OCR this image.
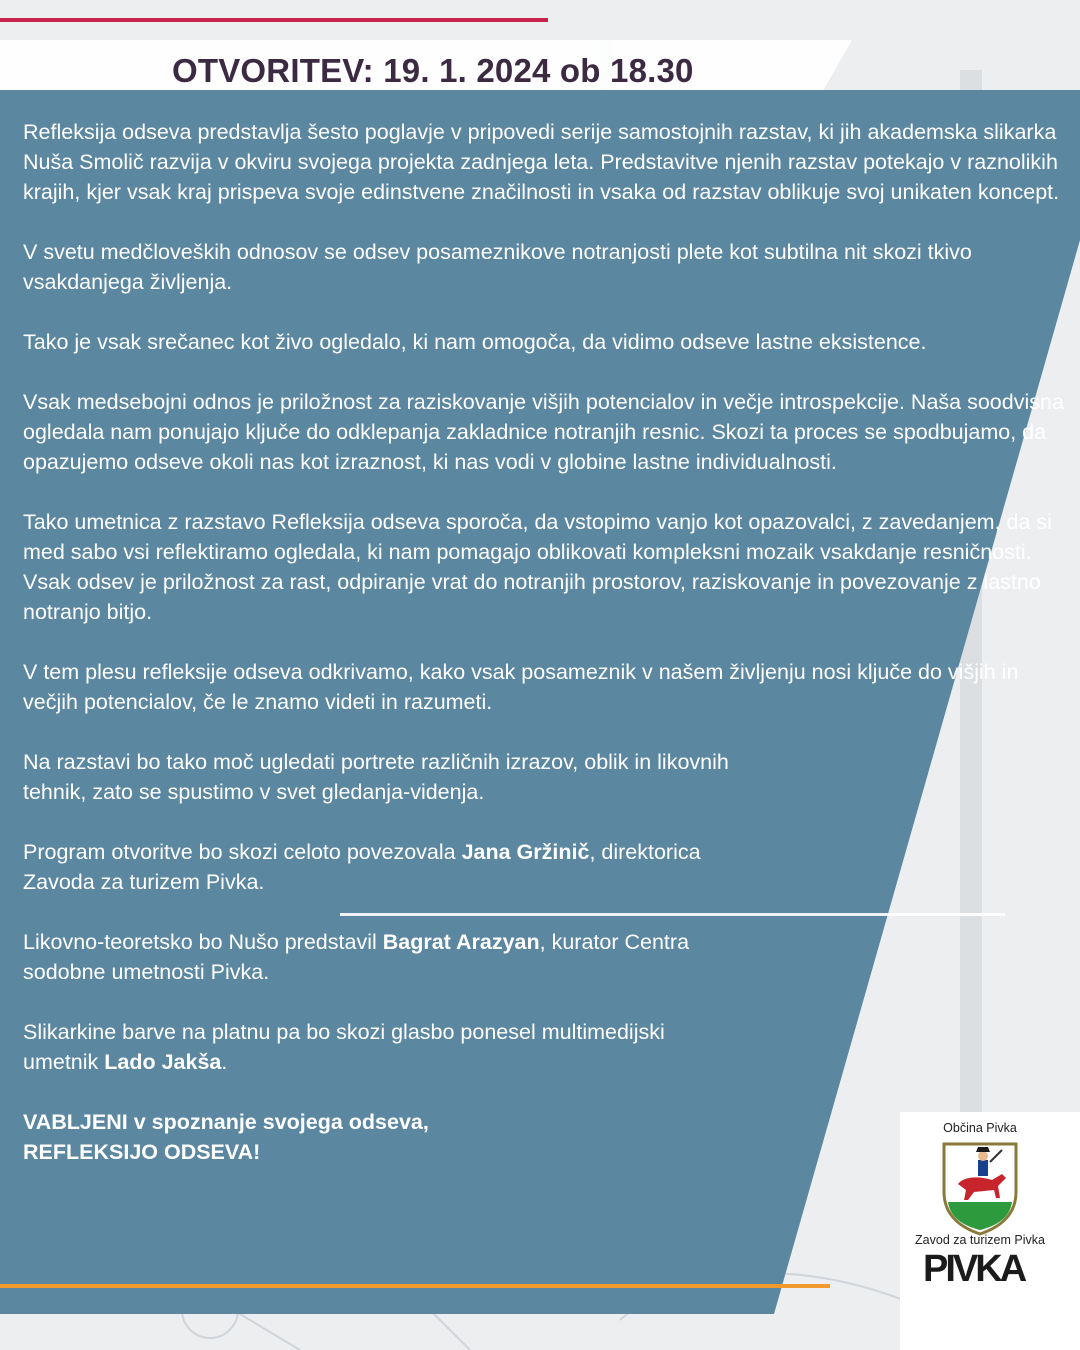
OTVORITEV: 19. 1. 2024 ob 18.30

Refleksija odseva predstavlja šesto poglavje v pripovedi serije samostojnih razstav, ki jih akademska slikarka Nuša Smolič razvija v okviru svojega projekta zadnjega leta. Predstavitve njenih razstav potekajo v raznolikih krajih, kjer vsak kraj prispeva svoje edinstvene značilnosti in vsaka od razstav oblikuje svoj unikaten koncept.

V svetu medčloveških odnosov se odsev posameznikove notranjosti plete kot subtilna nit skozi tkivo vsakdanjega življenja.

Tako je vsak srečanec kot živo ogledalo, ki nam omogoča, da vidimo odseve lastne eksistence.

Vsak medsebojni odnos je priložnost za raziskovanje višjih potencialov in večje introspekcije. Naša soodvisna ogledala nam ponujajo ključe do odklepanja zakladnice notranjih resnic. Skozi ta proces se spodbujamo, da opazujemo odseve okoli nas kot izraznost, ki nas vodi v globine lastne individualnosti.

Tako umetnica z razstavo Refleksija odseva sporoča, da vstopimo vanjo kot opazovalci, z zavedanjem, da si med sabo vsi reflektiramo ogledala, ki nam pomagajo oblikovati kompleksni mozaik vsakdanje resničnosti. Vsak odsev je priložnost za rast, odpiranje vrat do notranjih prostorov, raziskovanje in povezovanje z lastno notranjo bitjo.

V tem plesu refleksije odseva odkrivamo, kako vsak posameznik v našem življenju nosi ključe do višjih in večjih potencialov, če le znamo videti in razumeti.

Na razstavi bo tako moč ugledati portrete različnih izrazov, oblik in likovnih
tehnik, zato se spustimo v svet gledanja-videnja.

Program otvoritve bo skozi celoto povezovala Jana Gržinič, direktorica
Zavoda za turizem Pivka.

Likovno-teoretsko bo Nušo predstavil Bagrat Arazyan, kurator Centra
sodobne umetnosti Pivka.

Slikarkine barve na platnu pa bo skozi glasbo ponesel multimedijski
umetnik Lado Jakša.

VABLJENI v spoznanje svojega odseva,
REFLEKSIJO ODSEVA!

Občina Pivka
Zavod za turizem Pivka
PIVKA
